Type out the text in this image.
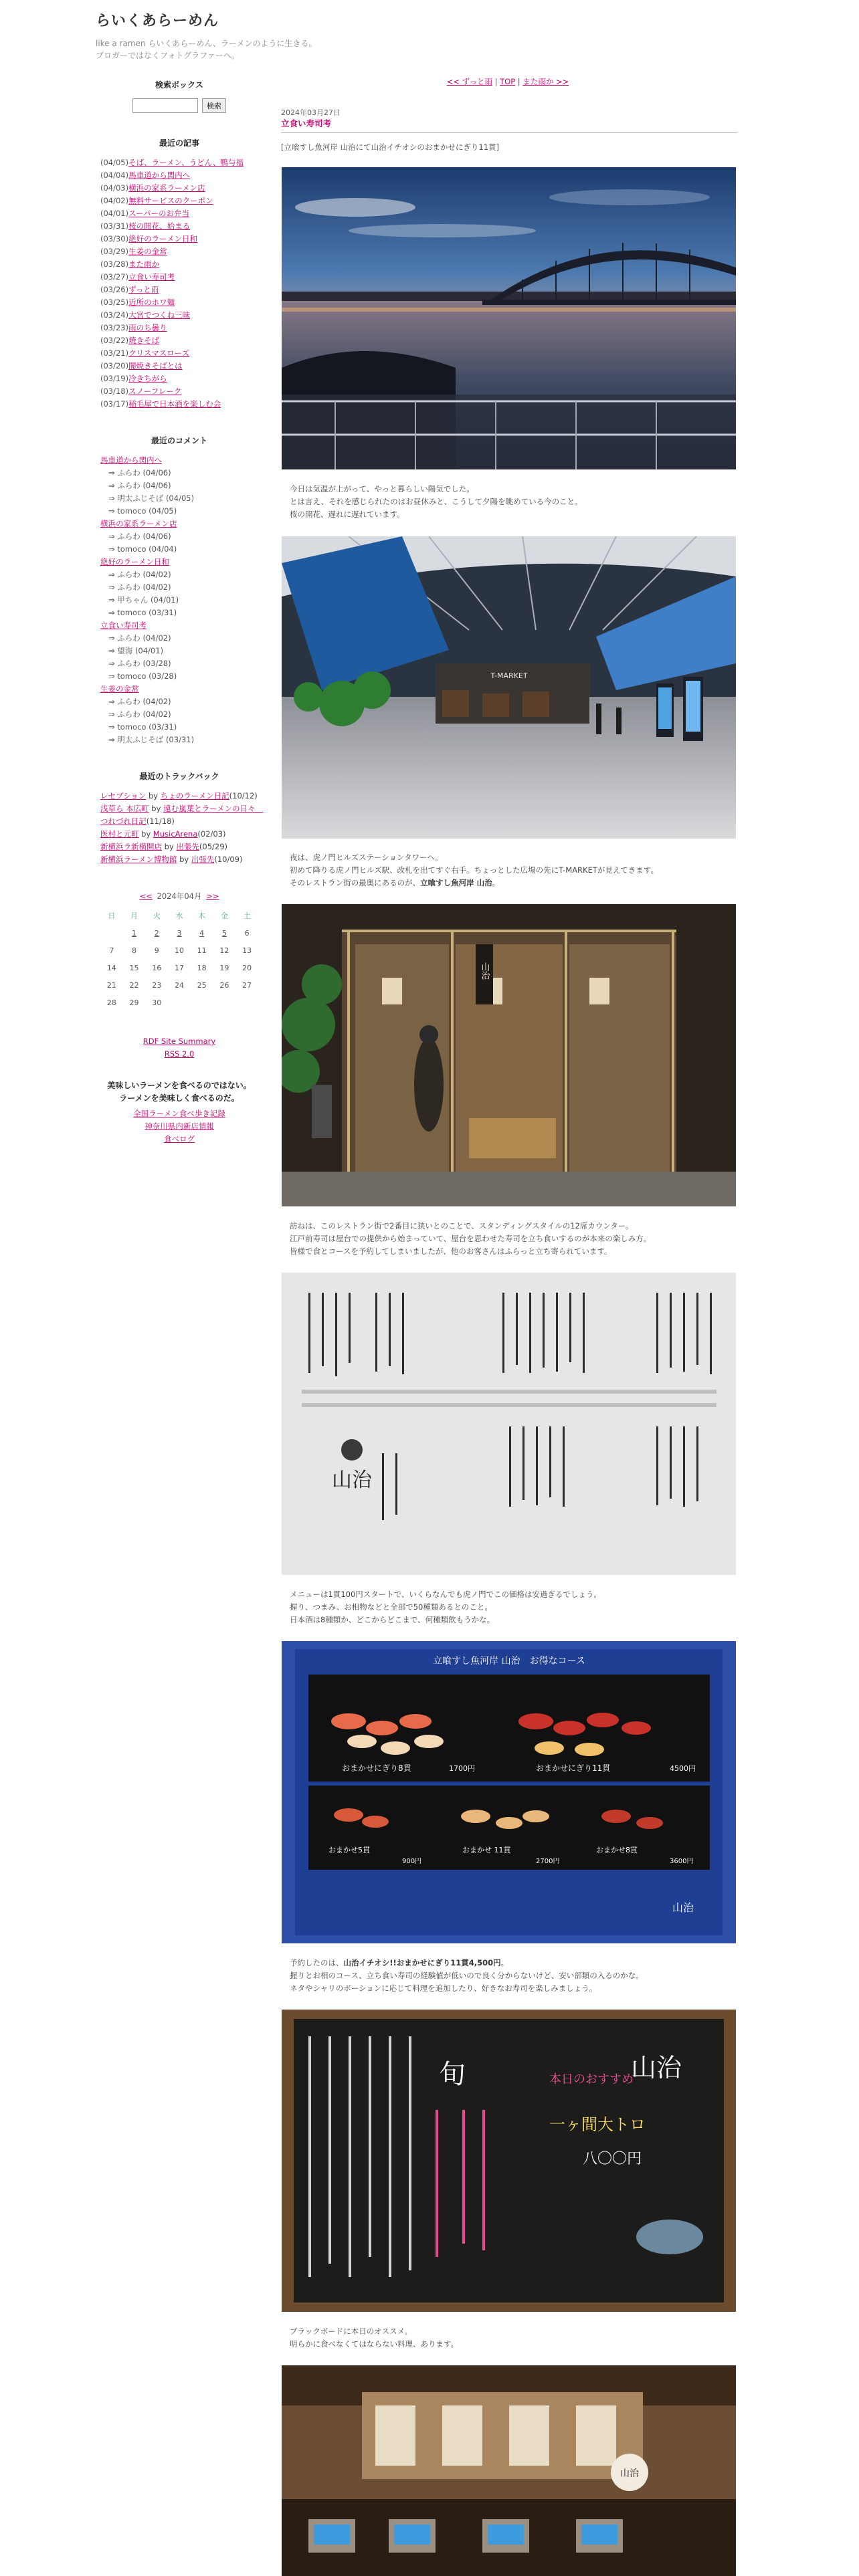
らいくあらーめん
like a ramen らいくあらーめん、ラーメンのように生きる。
ブロガーではなくフォトグラファーへ。
検索ボックス
検索
最近の記事
(04/05)そば、ラーメン、うどん、鴨与福
(04/04)馬車道から関内へ
(04/03)横浜の家系ラーメン店
(04/02)無料サービスのクーポン
(04/01)スーパーのお弁当
(03/31)桜の開花、始まる
(03/30)絶好のラーメン日和
(03/29)生姜の金常
(03/28)また雨か
(03/27)立食い寿司考
(03/26)ずっと雨
(03/25)近所のホワ麺
(03/24)大宮でつくね三昧
(03/23)雨のち曇り
(03/22)焼きそば
(03/21)クリスマスローズ
(03/20)闇焼きそばとは
(03/19)冷きちがら
(03/18)スノーフレーク
(03/17)稲毛屋で日本酒を楽しむ会
最近のコメント
馬車道から関内へ
⇒ ふらわ (04/06)
⇒ ふらわ (04/06)
⇒ 明太ふじそば (04/05)
⇒ tomoco (04/05)
横浜の家系ラーメン店
⇒ ふらわ (04/06)
⇒ tomoco (04/04)
絶好のラーメン日和
⇒ ふらわ (04/02)
⇒ ふらわ (04/02)
⇒ 甲ちゃん (04/01)
⇒ tomoco (03/31)
立食い寿司考
⇒ ふらわ (04/02)
⇒ 望海 (04/01)
⇒ ふらわ (03/28)
⇒ tomoco (03/28)
生姜の金常
⇒ ふらわ (04/02)
⇒ ふらわ (04/02)
⇒ tomoco (03/31)
⇒ 明太ふじそば (03/31)
最近のトラックバック
レセプション by ちょのラーメン日記(10/12)
浅草ら 本広町 by 遠む嵐葉とラーメンの日々　つれづれ日記(11/18)
医村と元町 by MusicArena(02/03)
新横浜ラ新横開店 by 出張先(05/29)
新横浜ラーメン博物館 by 出張先(10/09)
<< 2024年04月 >>
日	月	火	水	木	金	土
	1	2	3	4	5	6
7	8	9	10	11	12	13
14	15	16	17	18	19	20
21	22	23	24	25	26	27
28	29	30				
RDF Site Summary
RSS 2.0
美味しいラーメンを食べるのではない。
ラーメンを美味しく食べるのだ。
全国ラーメン食べ歩き記録
神奈川県内新店情報
食べログ
<< ずっと雨 | TOP | また雨か >>
2024年03月27日
立食い寿司考
[立喰すし魚河岸 山治にて山治イチオシのおまかせにぎり11貫]
今日は気温が上がって、やっと暮らしい陽気でした。
とは言え、それを感じられたのはお昼休みと、こうして夕陽を眺めている今のこと。
桜の開花、遅れに遅れています。
T-MARKET
夜は、虎ノ門ヒルズステーションタワーへ。
初めて降りる虎ノ門ヒルズ駅、改札を出てすぐ右手。ちょっとした広場の先にT-MARKETが見えてきます。
そのレストラン街の最奥にあるのが、立喰すし魚河岸 山治。
山治
訪ねは、このレストラン街で2番目に狭いとのことで、スタンディングスタイルの12席カウンター。
江戸前寿司は屋台での提供から始まっていて、屋台を思わせた寿司を立ち食いするのが本来の楽しみ方。
皆様で食とコースを予約してしまいましたが、他のお客さんはふらっと立ち寄られています。
山治
メニューは1貫100円スタートで、いくらなんでも虎ノ門でこの価格は安過ぎるでしょう。
握り、つまみ、お相物などと全部で50種類あるとのこと。
日本酒は8種類か、どこからどこまで、何種類飲もうかな。
立喰すし魚河岸 山治　お得なコース
おまかせにぎり8貫	1700円	おまかせにぎり11貫	4500円
おまかせ5貫
900円
おまかせ 11貫
2700円
おまかせ8貫
3600円
山治
予約したのは、山治イチオシ!!おまかせにぎり11貫4,500円。
握りとお相のコース、立ち食い寿司の経験値が低いので良く分からないけど、安い部類の入るのかな。
ネタやシャリのボーションに応じて料理を追加したり、好きなお寿司を楽しみましょう。
旬	本日のおすすめ
一ヶ間大トロ
八〇〇円
山治
ブラックボードに本日のオススメ。
明らかに食べなくてはならない料理、あります。
山治
